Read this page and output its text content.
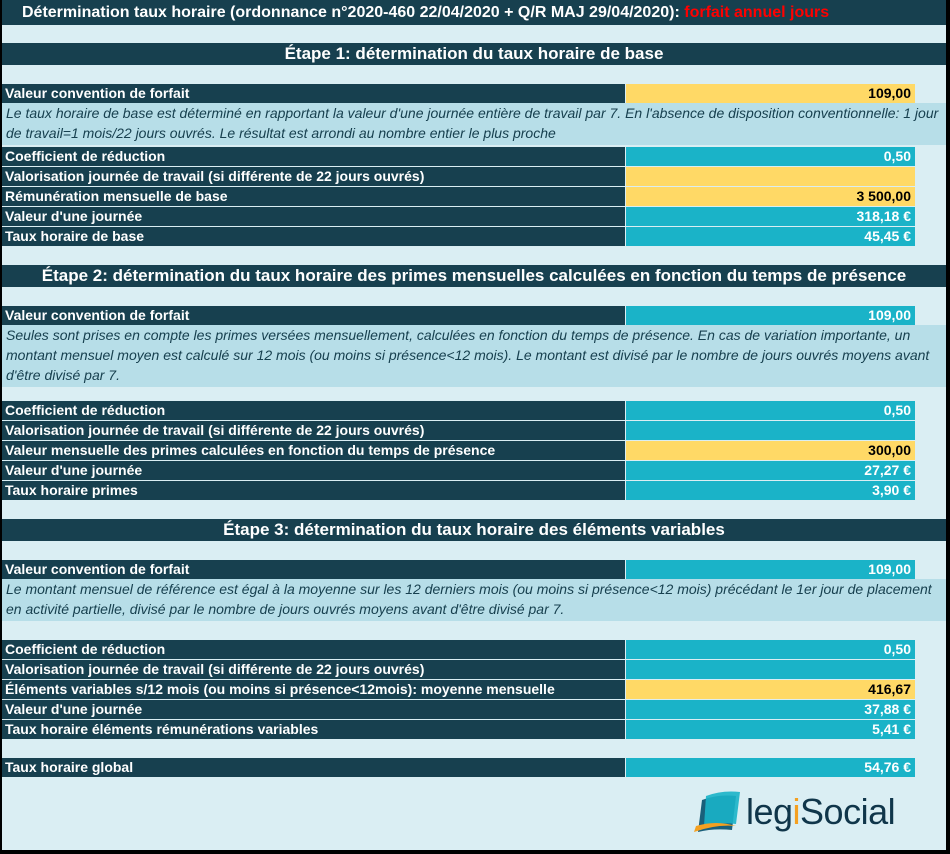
Détermination taux horaire (ordonnance n°2020-460 22/04/2020 + Q/R MAJ 29/04/2020): forfait annuel jours
Étape 1: détermination du taux horaire de base
Valeur convention de forfait	109,00
Le taux horaire de base est déterminé en rapportant la valeur d'une journée entière de travail par 7. En l'absence de disposition conventionnelle: 1 jour de travail=1 mois/22 jours ouvrés. Le résultat est arrondi au nombre entier le plus proche
Coefficient de réduction	0,50
Valorisation journée de travail (si différente de 22 jours ouvrés)
Rémunération mensuelle de base	3 500,00
Valeur d'une journée	318,18 €
Taux horaire de base	45,45 €
Étape 2: détermination du taux horaire des primes mensuelles calculées en fonction du temps de présence
Valeur convention de forfait	109,00
Seules sont prises en compte les primes versées mensuellement, calculées en fonction du temps de présence. En cas de variation importante, un montant mensuel moyen est calculé sur 12 mois (ou moins si présence<12 mois). Le montant est divisé par le nombre de jours ouvrés moyens avant d'être divisé par 7.
Coefficient de réduction	0,50
Valorisation journée de travail (si différente de 22 jours ouvrés)
Valeur mensuelle des primes calculées en fonction du temps de présence	300,00
Valeur d'une journée	27,27 €
Taux horaire primes	3,90 €
Étape 3: détermination du taux horaire des éléments variables
Valeur convention de forfait	109,00
Le montant mensuel de référence est égal à la moyenne sur les 12 derniers mois (ou moins si présence<12 mois) précédant le 1er jour de placement en activité partielle, divisé par le nombre de jours ouvrés moyens avant d'être divisé par 7.
Coefficient de réduction	0,50
Valorisation journée de travail (si différente de 22 jours ouvrés)
Éléments variables s/12 mois (ou moins si présence<12mois): moyenne mensuelle	416,67
Valeur d'une journée	37,88 €
Taux horaire éléments rémunérations variables	5,41 €
Taux horaire global	54,76 €
legiSocial
